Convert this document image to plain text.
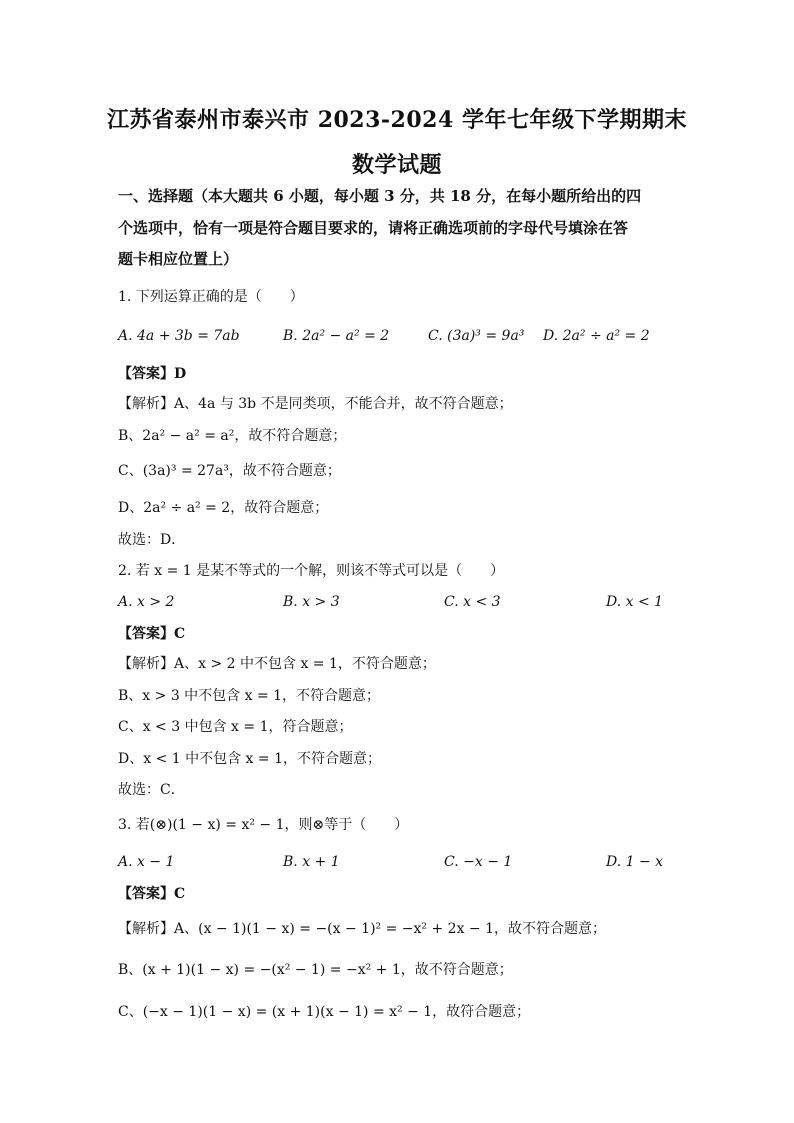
江苏省泰州市泰兴市 2023-2024 学年七年级下学期期末
数学试题
一、选择题（本大题共 6 小题，每小题 3 分，共 18 分，在每小题所给出的四
个选项中，恰有一项是符合题目要求的，请将正确选项前的字母代号填涂在答
题卡相应位置上）
1. 下列运算正确的是（　　）
A. 4a + 3b = 7ab	B. 2a² − a² = 2	C. (3a)³ = 9a³ D. 2a² ÷ a² = 2
【答案】D
【解析】A、4a 与 3b 不是同类项，不能合并，故不符合题意；
B、2a² − a² = a²，故不符合题意；
C、(3a)³ = 27a³，故不符合题意；
D、2a² ÷ a² = 2，故符合题意；
故选：D．
2. 若 x = 1 是某不等式的一个解，则该不等式可以是（　　）
A. x > 2	B. x > 3	C. x < 3	D. x < 1
【答案】C
【解析】A、x > 2 中不包含 x = 1，不符合题意；
B、x > 3 中不包含 x = 1，不符合题意；
C、x < 3 中包含 x = 1，符合题意；
D、x < 1 中不包含 x = 1，不符合题意；
故选：C．
3. 若(⊗)(1 − x) = x² − 1，则⊗等于（　　）
A. x − 1	B. x + 1	C. −x − 1	D. 1 − x
【答案】C
【解析】A、(x − 1)(1 − x) = −(x − 1)² = −x² + 2x − 1，故不符合题意；
B、(x + 1)(1 − x) = −(x² − 1) = −x² + 1，故不符合题意；
C、(−x − 1)(1 − x) = (x + 1)(x − 1) = x² − 1，故符合题意；
